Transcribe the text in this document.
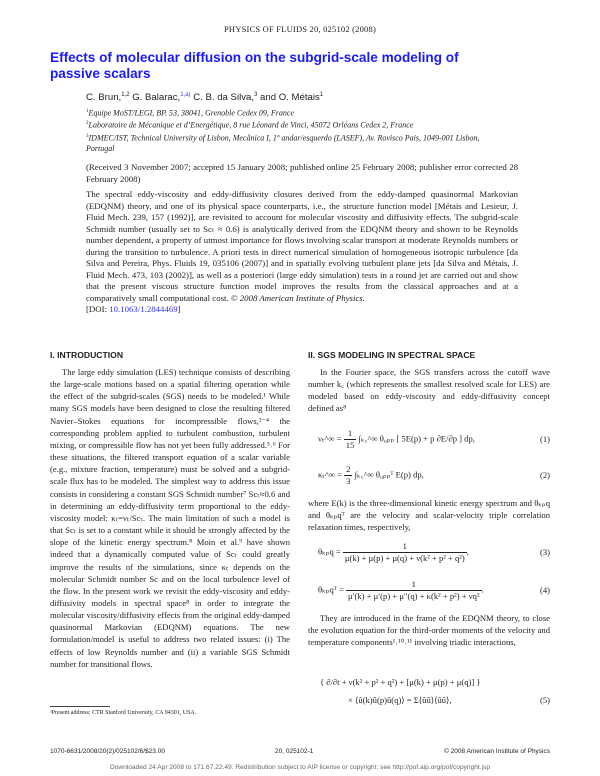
PHYSICS OF FLUIDS 20, 025102 (2008)
Effects of molecular diffusion on the subgrid-scale modeling of passive scalars
C. Brun,$^{1,2}$ G. Balarac,$^{1,a)}$ C. B. da Silva,$^3$ and O. Métais$^1$
$^1$Equipe MoST/LEGI, BP. 53, 38041, Grenoble Cedex 09, France
$^2$Laboratoire de Mécanique et d’Energétique, 8 rue Léonard de Vinci, 45072 Orléans Cedex 2, France
$^3$IDMEC/IST, Technical University of Lisbon, Mecânica I, 1º andar/esquerdo (LASEF), Av. Rovisco Pais, 1049-001 Lisbon, Portugal
(Received 3 November 2007; accepted 15 January 2008; published online 25 February 2008; publisher error corrected 28 February 2008)
The spectral eddy-viscosity and eddy-diffusivity closures derived from the eddy-damped quasinormal Markovian (EDQNM) theory, and one of its physical space counterparts, i.e., the structure function model [Métais and Lesieur, J. Fluid Mech. 239, 157 (1992)], are revisited to account for molecular viscosity and diffusivity effects. The subgrid-scale Schmidt number (usually set to Scₜ ≈ 0.6) is analytically derived from the EDQNM theory and shown to be Reynolds number dependent, a property of utmost importance for flows involving scalar transport at moderate Reynolds numbers or during the transition to turbulence. A priori tests in direct numerical simulation of homogeneous isotropic turbulence [da Silva and Pereira, Phys. Fluids 19, 035106 (2007)] and in spatially evolving turbulent plane jets [da Silva and Métais, J. Fluid Mech. 473, 103 (2002)], as well as a posteriori (large eddy simulation) tests in a round jet are carried out and show that the present viscous structure function model improves the results from the classical approaches and at a comparatively small computational cost. © 2008 American Institute of Physics.
[DOI: 10.1063/1.2844469]
I. INTRODUCTION

The large eddy simulation (LES) technique consists of describing the large-scale motions based on a spatial filtering operation while the effect of the subgrid-scales (SGS) needs to be modeled.¹ While many SGS models have been designed to close the resulting filtered Navier–Stokes equations for incompressible flows,²⁻⁴ the corresponding problem applied to turbulent combustion, turbulent mixing, or compressible flow has not yet been fully addressed.⁵˒⁶ For these situations, the filtered transport equation of a scalar variable (e.g., mixture fraction, temperature) must be solved and a subgrid-scale flux has to be modeled. The simplest way to address this issue consists in considering a constant SGS Schmidt number⁷ Scₜ≈0.6 and in determining an eddy-diffusivity term proportional to the eddy-viscosity model: κₜ=νₜ/Scₜ. The main limitation of such a model is that Scₜ is set to a constant while it should be strongly affected by the slope of the kinetic energy spectrum.⁸ Moin et al.⁹ have shown indeed that a dynamically computed value of Scₜ could greatly improve the results of the simulations, since κₜ depends on the molecular Schmidt number Sc and on the local turbulence level of the flow. In the present work we revisit the eddy-viscosity and eddy-diffusivity models in spectral space⁸ in order to integrate the molecular viscosity/diffusivity effects from the original eddy-damped quasinormal Markovian (EDQNM) equations. The new formulation/model is useful to address two related issues: (i) The effects of low Reynolds number and (ii) a variable SGS Schmidt number for transitional flows.

II. SGS MODELING IN SPECTRAL SPACE

In the Fourier space, the SGS transfers across the cutoff wave number k꜀ (which represents the smallest resolved scale for LES) are modeled based on eddy-viscosity and eddy-diffusivity concept defined as⁸

νₜ^∞ = $\frac{1}{15}$ ∫ₖ꜀^∞ θ₀ₚₚ [ 5E(p) + p ∂E/∂p ] dp,	(1)
κₜ^∞ = $\frac{2}{3}$ ∫ₖ꜀^∞ θ₀ₚₚᵀ E(p) dp,	(2)

where E(k) is the three-dimensional kinetic energy spectrum and θₖₚq and θₖₚqᵀ are the velocity and scalar-velocity triple correlation relaxation times, respectively,

$\theta_{kp}q = \frac{1}{\text{μ(k) + μ(p) + μ(q) + ν(k² + p² + q²)}}$ ,	(3)
θₖₚqᵀ = $\frac{1}{\text{μ′(k) + μ′(p) + μ″(q) + κ(k² + p²) + νq²}}$ .	(4)

They are introduced in the frame of the EDQNM theory, to close the evolution equation for the third-order moments of the velocity and temperature components¹˒¹⁰˒¹¹ involving triadic interactions,

{ ∂/∂t + ν(k² + p² + q²) + [μ(k) + μ(p) + μ(q)] }
× ⟨û(k)û(p)û(q)⟩ = Σ⟨ûû⟩⟨ûû⟩,	(5)
ᵃPresent address: CTR Stanford University, CA 94301, USA.
1070-6631/2008/20(2)/025102/6/$23.00	20, 025102-1	© 2008 American Institute of Physics
Downloaded 24 Apr 2008 to 171.67.22.49. Redistribution subject to AIP license or copyright; see http://pof.aip.org/pof/copyright.jsp
